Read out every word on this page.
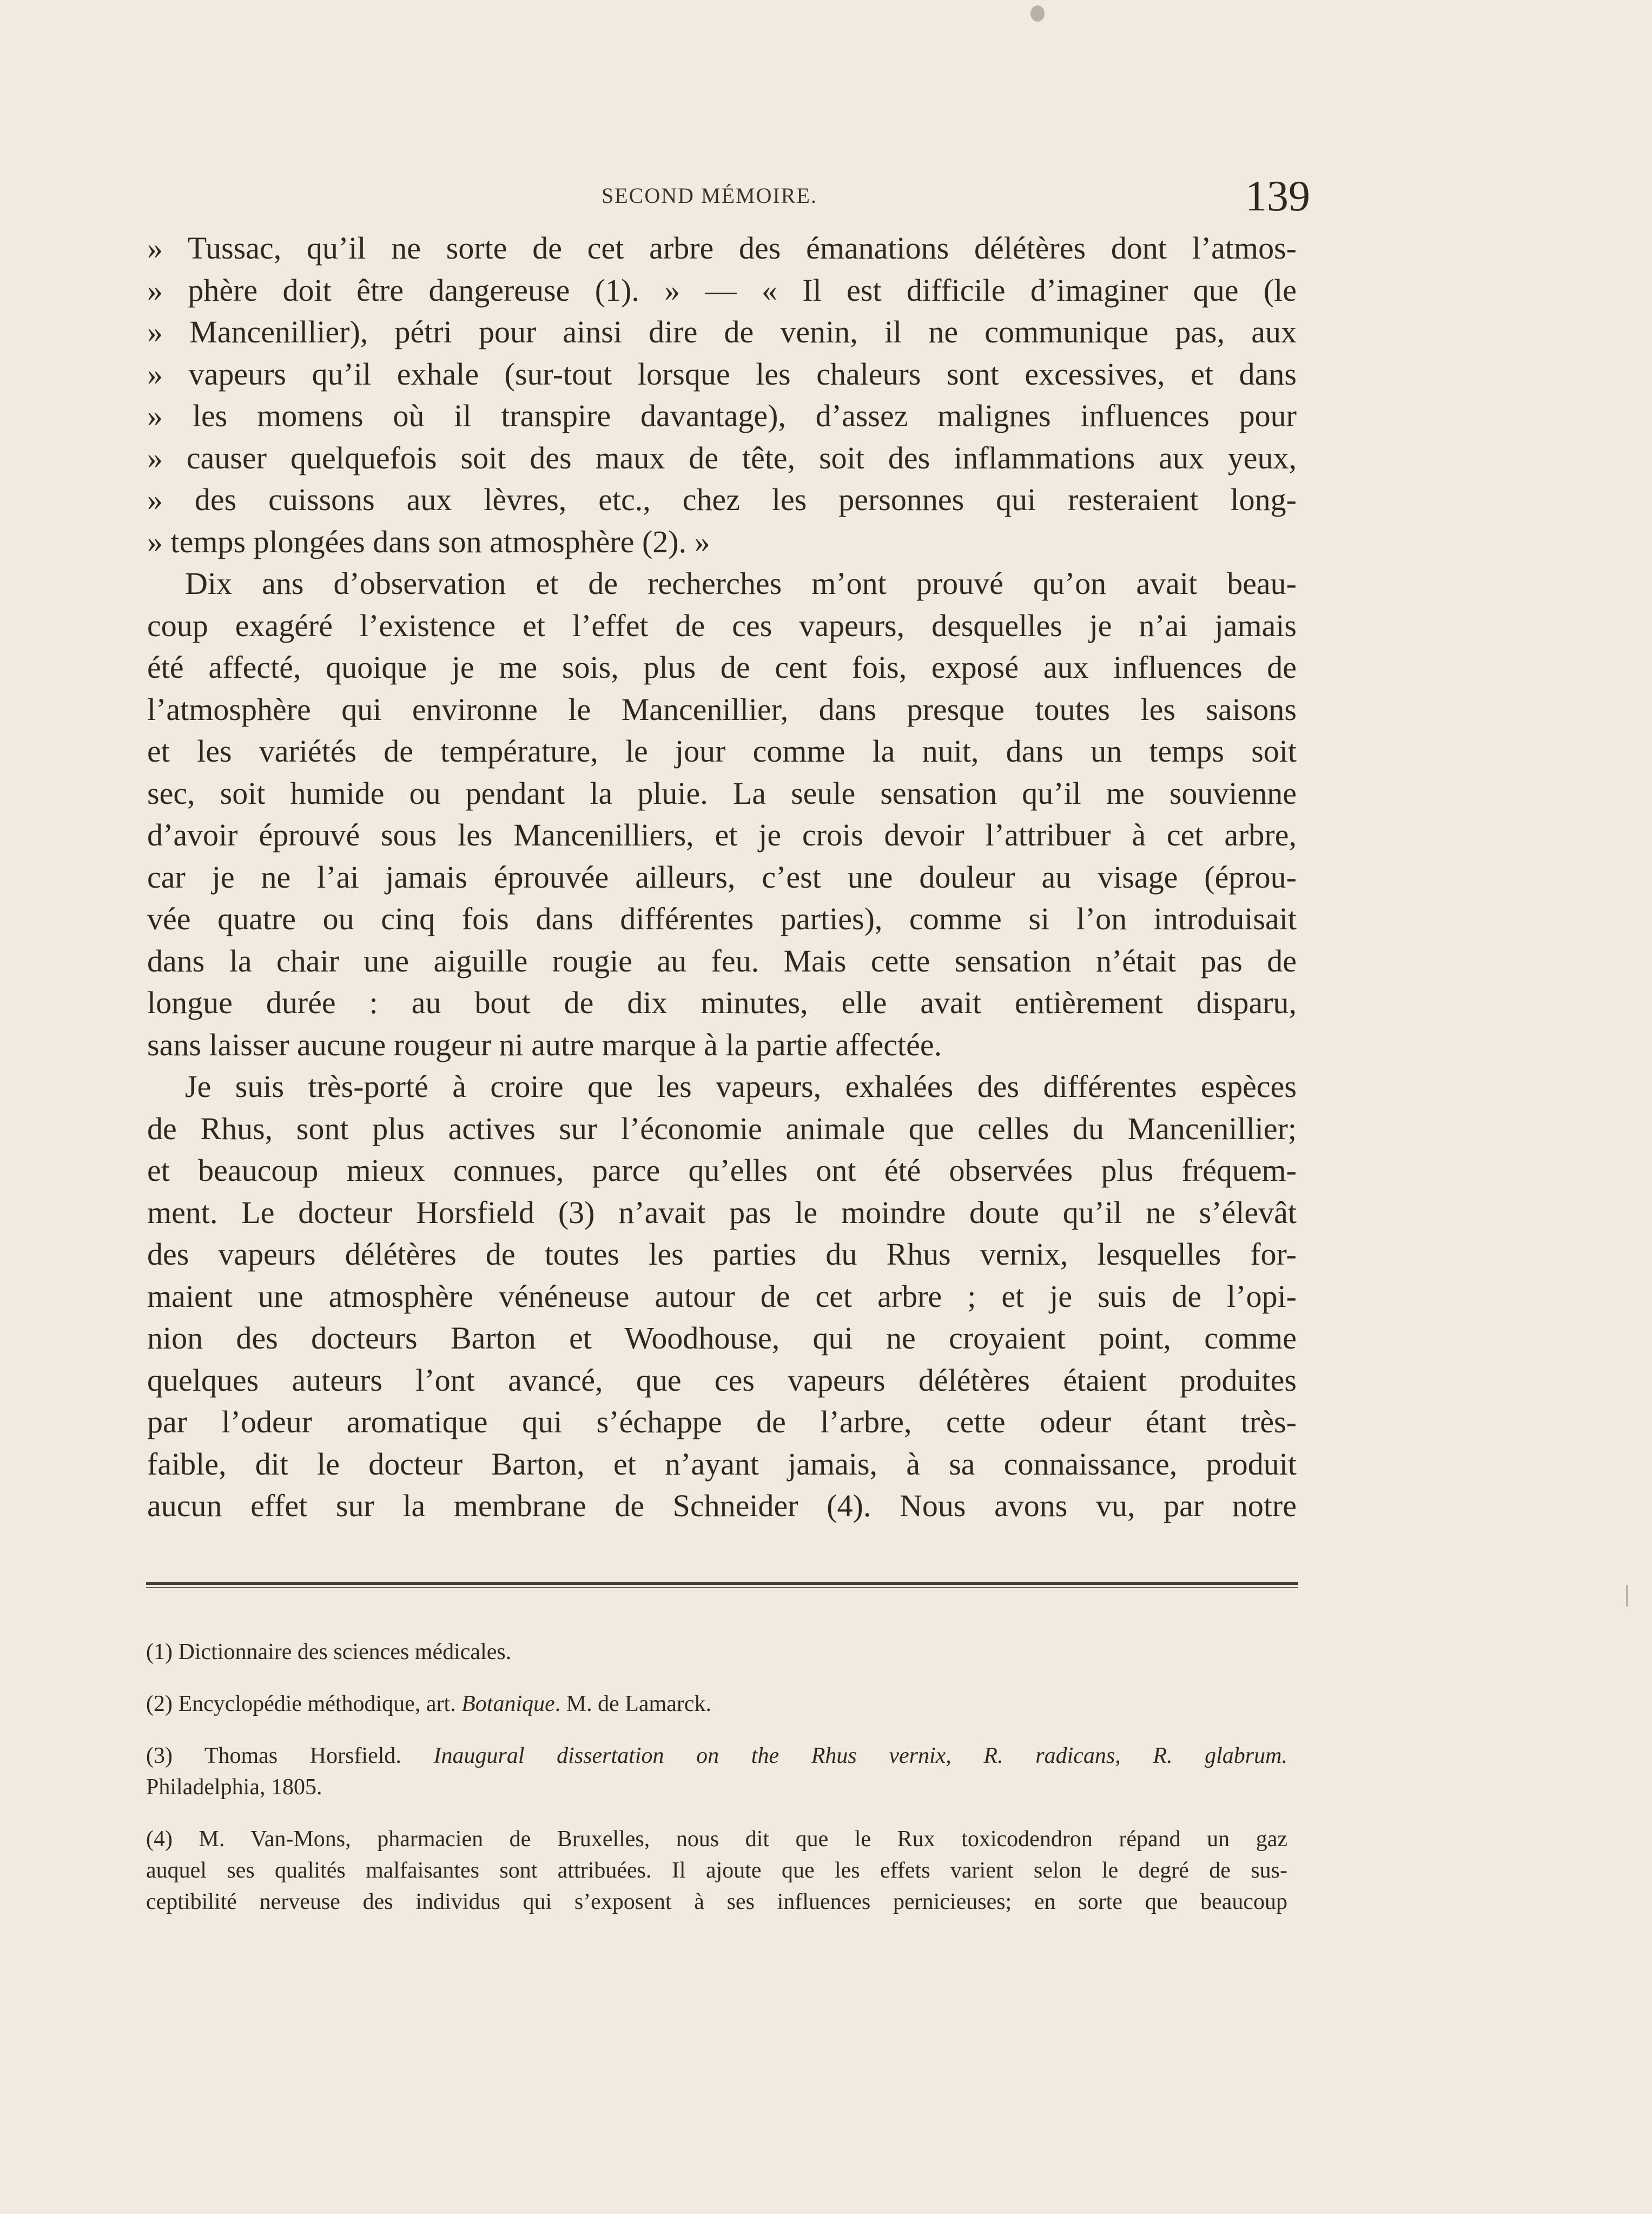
SECOND MÉMOIRE.	139
» Tussac, qu’il ne sorte de cet arbre des émanations délétères dont l’atmos-
» phère doit être dangereuse (1). » — « Il est difficile d’imaginer que (le
» Mancenillier), pétri pour ainsi dire de venin, il ne communique pas, aux
» vapeurs qu’il exhale (sur-tout lorsque les chaleurs sont excessives, et dans
» les momens où il transpire davantage), d’assez malignes influences pour
» causer quelquefois soit des maux de tête, soit des inflammations aux yeux,
» des cuissons aux lèvres, etc., chez les personnes qui resteraient long-
» temps plongées dans son atmosphère (2). »
Dix ans d’observation et de recherches m’ont prouvé qu’on avait beau-
coup exagéré l’existence et l’effet de ces vapeurs, desquelles je n’ai jamais
été affecté, quoique je me sois, plus de cent fois, exposé aux influences de
l’atmosphère qui environne le Mancenillier, dans presque toutes les saisons
et les variétés de température, le jour comme la nuit, dans un temps soit
sec, soit humide ou pendant la pluie. La seule sensation qu’il me souvienne
d’avoir éprouvé sous les Mancenilliers, et je crois devoir l’attribuer à cet arbre,
car je ne l’ai jamais éprouvée ailleurs, c’est une douleur au visage (éprou-
vée quatre ou cinq fois dans différentes parties), comme si l’on introduisait
dans la chair une aiguille rougie au feu. Mais cette sensation n’était pas de
longue durée : au bout de dix minutes, elle avait entièrement disparu,
sans laisser aucune rougeur ni autre marque à la partie affectée.
Je suis très-porté à croire que les vapeurs, exhalées des différentes espèces
de Rhus, sont plus actives sur l’économie animale que celles du Mancenillier;
et beaucoup mieux connues, parce qu’elles ont été observées plus fréquem-
ment. Le docteur Horsfield (3) n’avait pas le moindre doute qu’il ne s’élevât
des vapeurs délétères de toutes les parties du Rhus vernix, lesquelles for-
maient une atmosphère vénéneuse autour de cet arbre ; et je suis de l’opi-
nion des docteurs Barton et Woodhouse, qui ne croyaient point, comme
quelques auteurs l’ont avancé, que ces vapeurs délétères étaient produites
par l’odeur aromatique qui s’échappe de l’arbre, cette odeur étant très-
faible, dit le docteur Barton, et n’ayant jamais, à sa connaissance, produit
aucun effet sur la membrane de Schneider (4). Nous avons vu, par notre
(1) Dictionnaire des sciences médicales.
(2) Encyclopédie méthodique, art. Botanique. M. de Lamarck.
(3) Thomas Horsfield. Inaugural dissertation on the Rhus vernix, R. radicans, R. glabrum.
Philadelphia, 1805.
(4) M. Van-Mons, pharmacien de Bruxelles, nous dit que le Rux toxicodendron répand un gaz
auquel ses qualités malfaisantes sont attribuées. Il ajoute que les effets varient selon le degré de sus-
ceptibilité nerveuse des individus qui s’exposent à ses influences pernicieuses; en sorte que beaucoup
